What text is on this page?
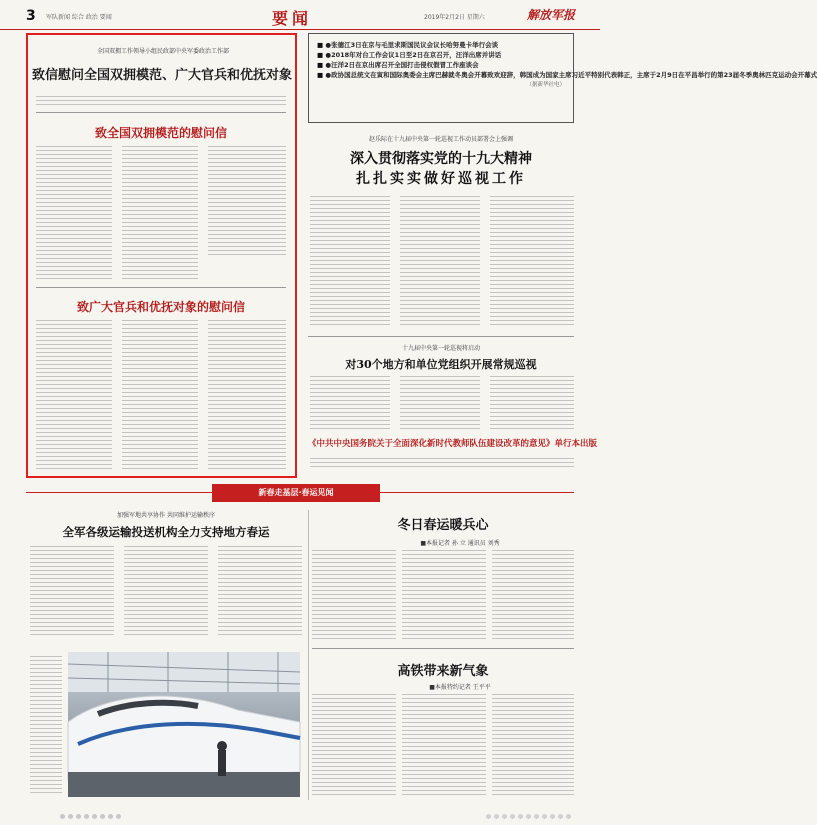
3 军队新闻 综合 政治 要闻	要闻	2019年2月2日 星期六	解放军报
全国双拥工作领导小组民政部中央军委政治工作部
致信慰问全国双拥模范、广大官兵和优抚对象
致全国双拥模范的慰问信
致广大官兵和优抚对象的慰问信
■ ●张德江3日在京与毛里求斯国民议会议长哈努曼卡举行会谈
■ ●2018年对台工作会议1日至2日在京召开，汪洋出席并讲话
■ ●汪洋2日在京出席召开全国打击侵权假冒工作座谈会
■ ●政协国总统文在寅和国际奥委会主席巴赫就冬奥会开幕致欢迎辞，韩国成为国家主席习近平特别代表韩正，主席于2月9日在平昌举行的第23届冬季奥林匹克运动会开幕式
（据新华社电）
赵乐际在十九届中央第一轮巡视工作动员部署会上强调
深入贯彻落实党的十九大精神
扎扎实实做好巡视工作
十九届中央第一轮巡视将启动
对30个地方和单位党组织开展常规巡视
《中共中央国务院关于全面深化新时代教师队伍建设改革的意见》单行本出版
新春走基层·春运见闻
加强军地共享协作 共同维护运输秩序
全军各级运输投送机构全力支持地方春运	冬日春运暖兵心
■本报记者 孙 立 通讯员 刘秀
高铁带来新气象
■本报特约记者 王平平
